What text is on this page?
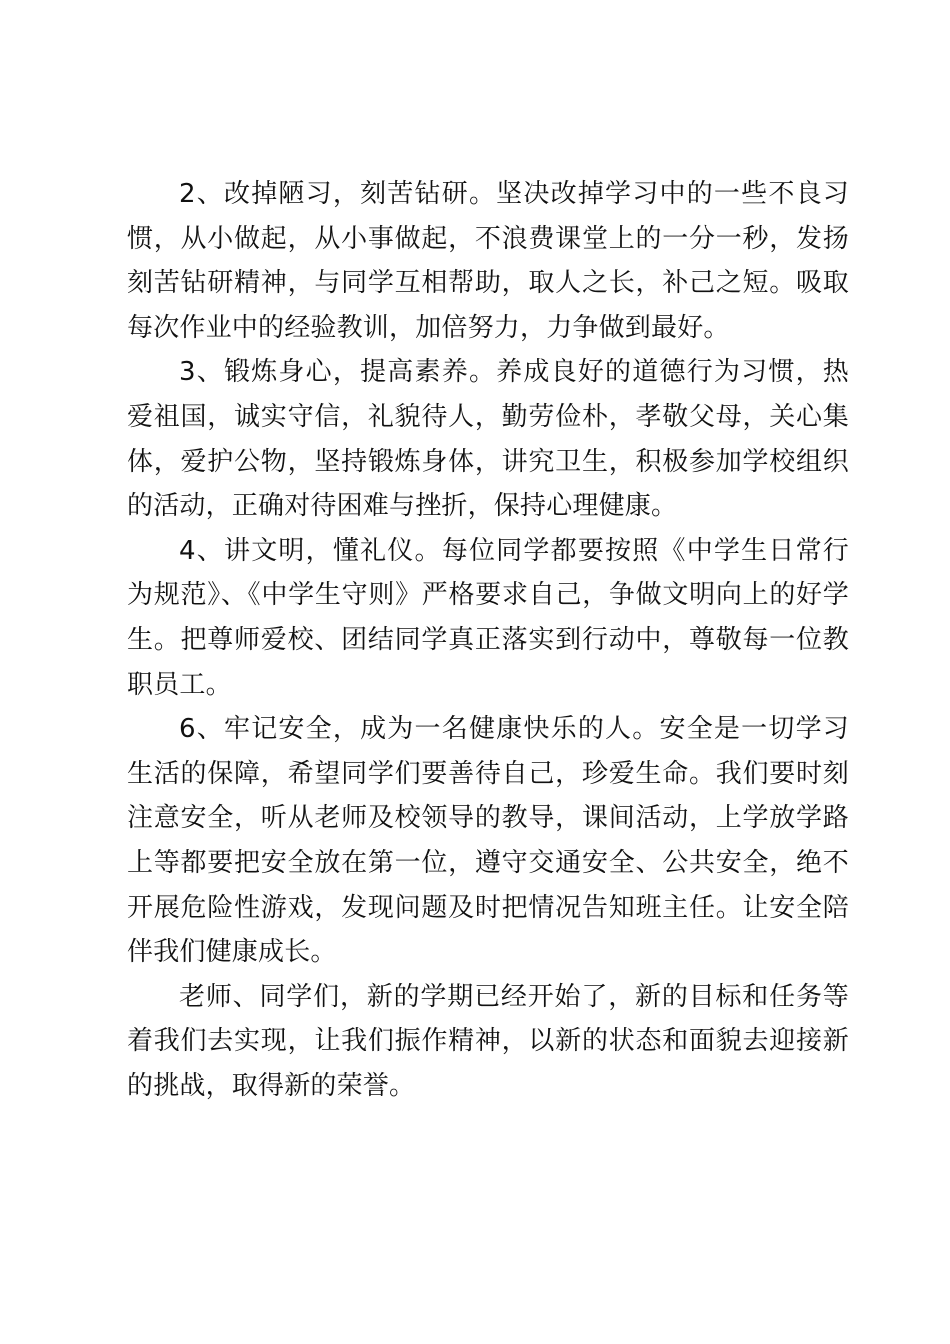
2、改掉陋习，刻苦钻研。坚决改掉学习中的一些不良习惯，从小做起，从小事做起，不浪费课堂上的一分一秒，发扬刻苦钻研精神，与同学互相帮助，取人之长，补己之短。吸取每次作业中的经验教训，加倍努力，力争做到最好。

3、锻炼身心，提高素养。养成良好的道德行为习惯，热爱祖国，诚实守信，礼貌待人，勤劳俭朴，孝敬父母，关心集体，爱护公物，坚持锻炼身体，讲究卫生，积极参加学校组织的活动，正确对待困难与挫折，保持心理健康。

4、讲文明，懂礼仪。每位同学都要按照《中学生日常行为规范》、《中学生守则》严格要求自己，争做文明向上的好学生。把尊师爱校、团结同学真正落实到行动中，尊敬每一位教职员工。

6、牢记安全，成为一名健康快乐的人。安全是一切学习生活的保障，希望同学们要善待自己，珍爱生命。我们要时刻注意安全，听从老师及校领导的教导，课间活动，上学放学路上等都要把安全放在第一位，遵守交通安全、公共安全，绝不开展危险性游戏，发现问题及时把情况告知班主任。让安全陪伴我们健康成长。

老师、同学们，新的学期已经开始了，新的目标和任务等着我们去实现，让我们振作精神，以新的状态和面貌去迎接新的挑战，取得新的荣誉。
